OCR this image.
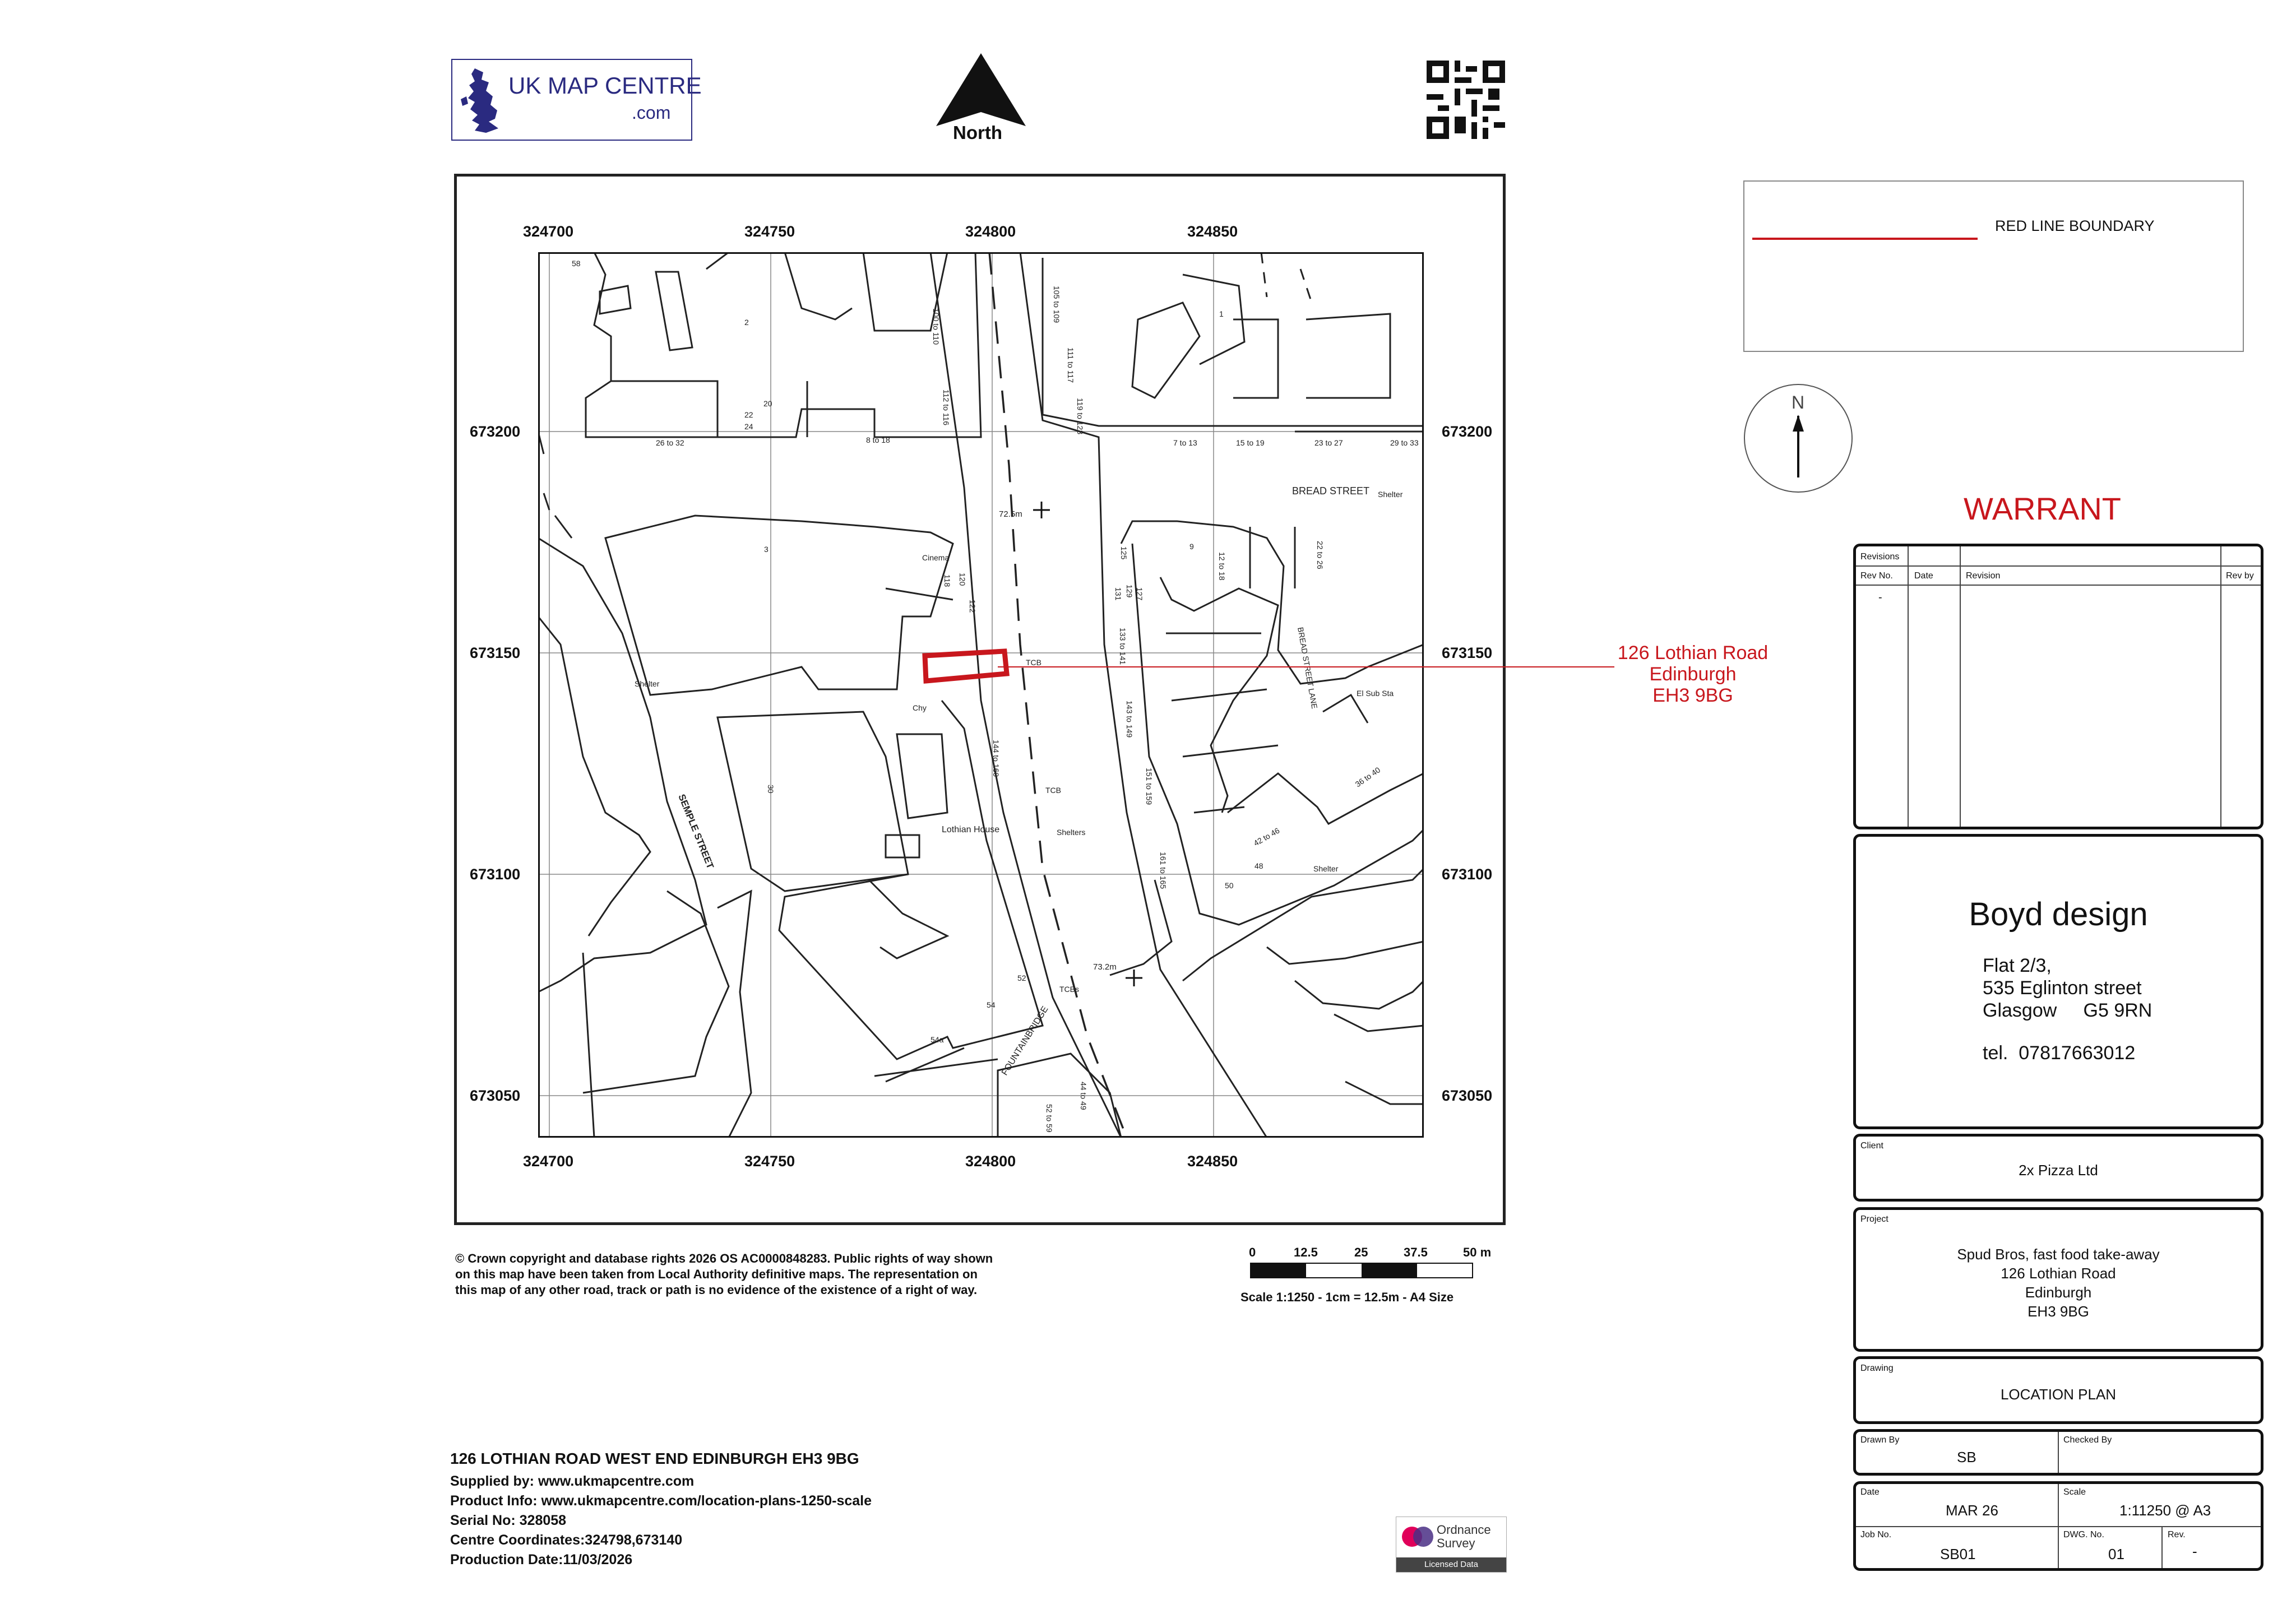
UK MAP CENTRE
.com
North
SEMPLE STREET
BREAD STREET
BREAD STREET LANE
FOUNTAINBRIDGE
Cinema
Lothian House
Shelter
Shelter
Shelter
Shelters
El Sub Sta
TCB
TCB
TCBs
Chy
72.5m
73.2m
26 to 32	8 to 18	7 to 13	15 to 19	23 to 27	29 to 33
22
24
20
58
2
1
3	9
118 120
122
50
48
52
54
54a
100 to 110
112 to 116
105 to 109
111 to 117
119 to 123
125
127
129
131
133 to 141
143 to 149
151 to 159
161 to 165
12 to 18	22 to 26
36 to 40
42 to 46
52 to 59
44 to 49
144 to 160
30
324700	324750	324800	324850
324700	324750	324800	324850
673200
673150
673100
673050
673200
673150
673100
673050
126 Lothian Road
Edinburgh
EH3 9BG
© Crown copyright and database rights 2026 OS AC0000848283. Public rights of way shown on this map have been taken from Local Authority definitive maps. The representation on this map of any other road, track or path is no evidence of the existence of a right of way.
0	12.5	25	37.5	50 m
Scale 1:1250 - 1cm = 12.5m - A4 Size
126 LOTHIAN ROAD WEST END EDINBURGH EH3 9BG
Supplied by: www.ukmapcentre.com
Product Info: www.ukmapcentre.com/location-plans-1250-scale
Serial No: 328058
Centre Coordinates:324798,673140
Production Date:11/03/2026
Ordnance
Survey
Licensed Data
RED LINE BOUNDARY
N
WARRANT
Revisions
Rev No. Date	Revision	Rev by
-
Boyd design
Flat 2/3,
535 Eglinton street
Glasgow     G5 9RN
tel.  07817663012
Client
2x Pizza Ltd
Project
Spud Bros, fast food take-away
126 Lothian Road
Edinburgh
EH3 9BG
Drawing
LOCATION PLAN
Drawn By
SB
Checked By
Date
MAR 26
Scale
1:11250 @ A3
Job No.
SB01
DWG. No.
01
Rev.
-
